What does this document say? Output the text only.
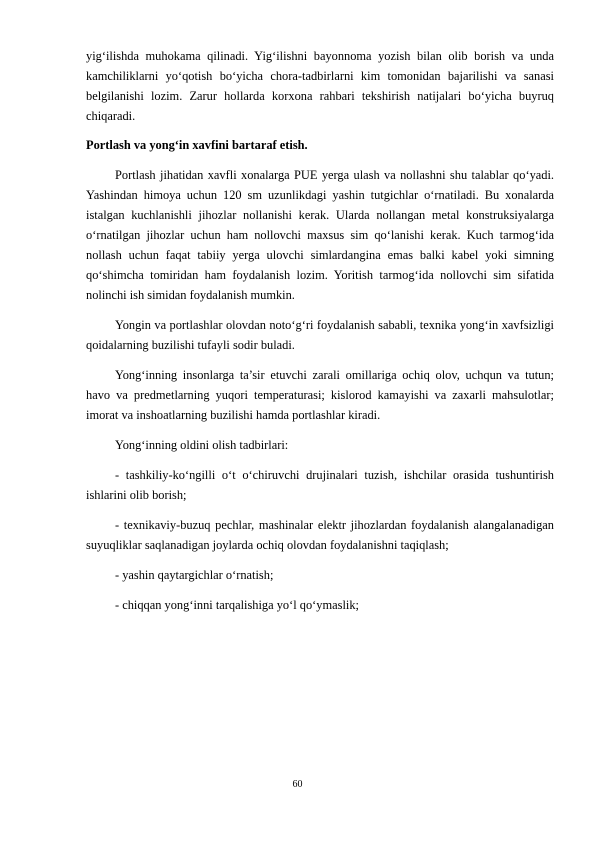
yig‘ilishda muhokama qilinadi. Yig‘ilishni bayonnoma yozish bilan olib borish va unda kamchiliklarni yo‘qotish bo‘yicha chora-tadbirlarni kim tomonidan bajarilishi va sanasi belgilanishi lozim. Zarur hollarda korxona rahbari tekshirish natijalari bo‘yicha buyruq chiqaradi.

Portlash va yong‘in xavfini bartaraf etish.

Portlash jihatidan xavfli xonalarga PUE yerga ulash va nollashni shu talablar qo‘yadi. Yashindan himoya uchun 120 sm uzunlikdagi yashin tutgichlar o‘rnatiladi. Bu xonalarda istalgan kuchlanishli jihozlar nollanishi kerak. Ularda nollangan metal konstruksiyalarga o‘rnatilgan jihozlar uchun ham nollovchi maxsus sim qo‘lanishi kerak. Kuch tarmog‘ida nollash uchun faqat tabiiy yerga ulovchi simlardangina emas balki kabel yoki simning qo‘shimcha tomiridan ham foydalanish lozim. Yoritish tarmog‘ida nollovchi sim sifatida nolinchi ish simidan foydalanish mumkin.

Yongin va portlashlar olovdan noto‘g‘ri foydalanish sababli, texnika yong‘in xavfsizligi qoidalarning buzilishi tufayli sodir buladi.

Yong‘inning insonlarga ta’sir etuvchi zarali omillariga ochiq olov, uchqun va tutun; havo va predmetlarning yuqori temperaturasi; kislorod kamayishi va zaxarli mahsulotlar; imorat va inshoatlarning buzilishi hamda portlashlar kiradi.

Yong‘inning oldini olish tadbirlari:

- tashkiliy-ko‘ngilli o‘t o‘chiruvchi drujinalari tuzish, ishchilar orasida tushuntirish ishlarini olib borish;

- texnikaviy-buzuq pechlar, mashinalar elektr jihozlardan foydalanish alangalanadigan suyuqliklar saqlanadigan joylarda ochiq olovdan foydalanishni taqiqlash;

- yashin qaytargichlar o‘rnatish;

- chiqqan yong‘inni tarqalishiga yo‘l qo‘ymaslik;

60
